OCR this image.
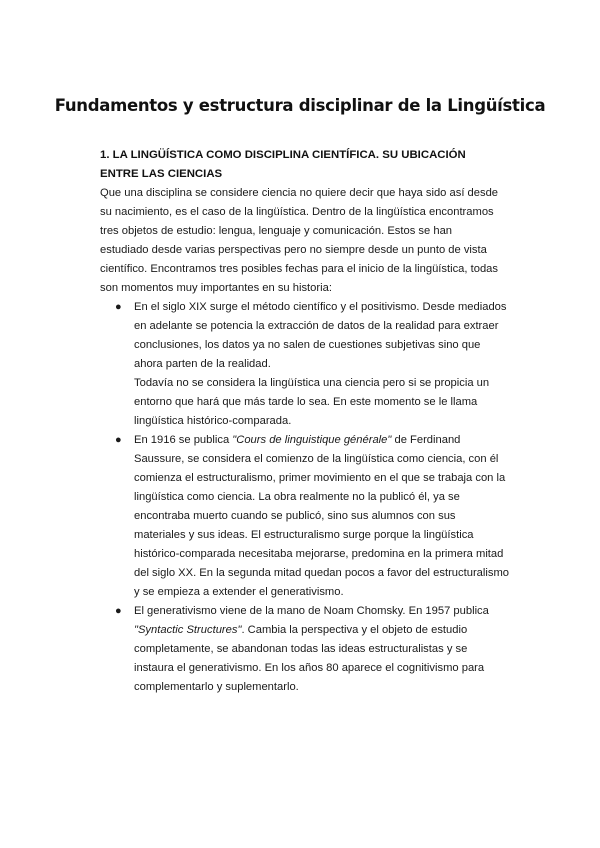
Fundamentos y estructura disciplinar de la Lingüística
1. LA LINGÜÍSTICA COMO DISCIPLINA CIENTÍFICA. SU UBICACIÓN ENTRE LAS CIENCIAS

Que una disciplina se considere ciencia no quiere decir que haya sido así desde su nacimiento, es el caso de la lingüística. Dentro de la lingüística encontramos tres objetos de estudio: lengua, lenguaje y comunicación. Estos se han estudiado desde varias perspectivas pero no siempre desde un punto de vista científico. Encontramos tres posibles fechas para el inicio de la lingüística, todas son momentos muy importantes en su historia:

● En el siglo XIX surge el método científico y el positivismo. Desde mediados en adelante se potencia la extracción de datos de la realidad para extraer conclusiones, los datos ya no salen de cuestiones subjetivas sino que ahora parten de la realidad.

Todavía no se considera la lingüística una ciencia pero si se propicia un entorno que hará que más tarde lo sea. En este momento se le llama lingüística histórico-comparada.

● En 1916 se publica "Cours de linguistique générale" de Ferdinand Saussure, se considera el comienzo de la lingüística como ciencia, con él comienza el estructuralismo, primer movimiento en el que se trabaja con la lingüística como ciencia. La obra realmente no la publicó él, ya se encontraba muerto cuando se publicó, sino sus alumnos con sus materiales y sus ideas. El estructuralismo surge porque la lingüística histórico-comparada necesitaba mejorarse, predomina en la primera mitad del siglo XX. En la segunda mitad quedan pocos a favor del estructuralismo y se empieza a extender el generativismo.

● El generativismo viene de la mano de Noam Chomsky. En 1957 publica "Syntactic Structures". Cambia la perspectiva y el objeto de estudio completamente, se abandonan todas las ideas estructuralistas y se instaura el generativismo. En los años 80 aparece el cognitivismo para complementarlo y suplementarlo.
